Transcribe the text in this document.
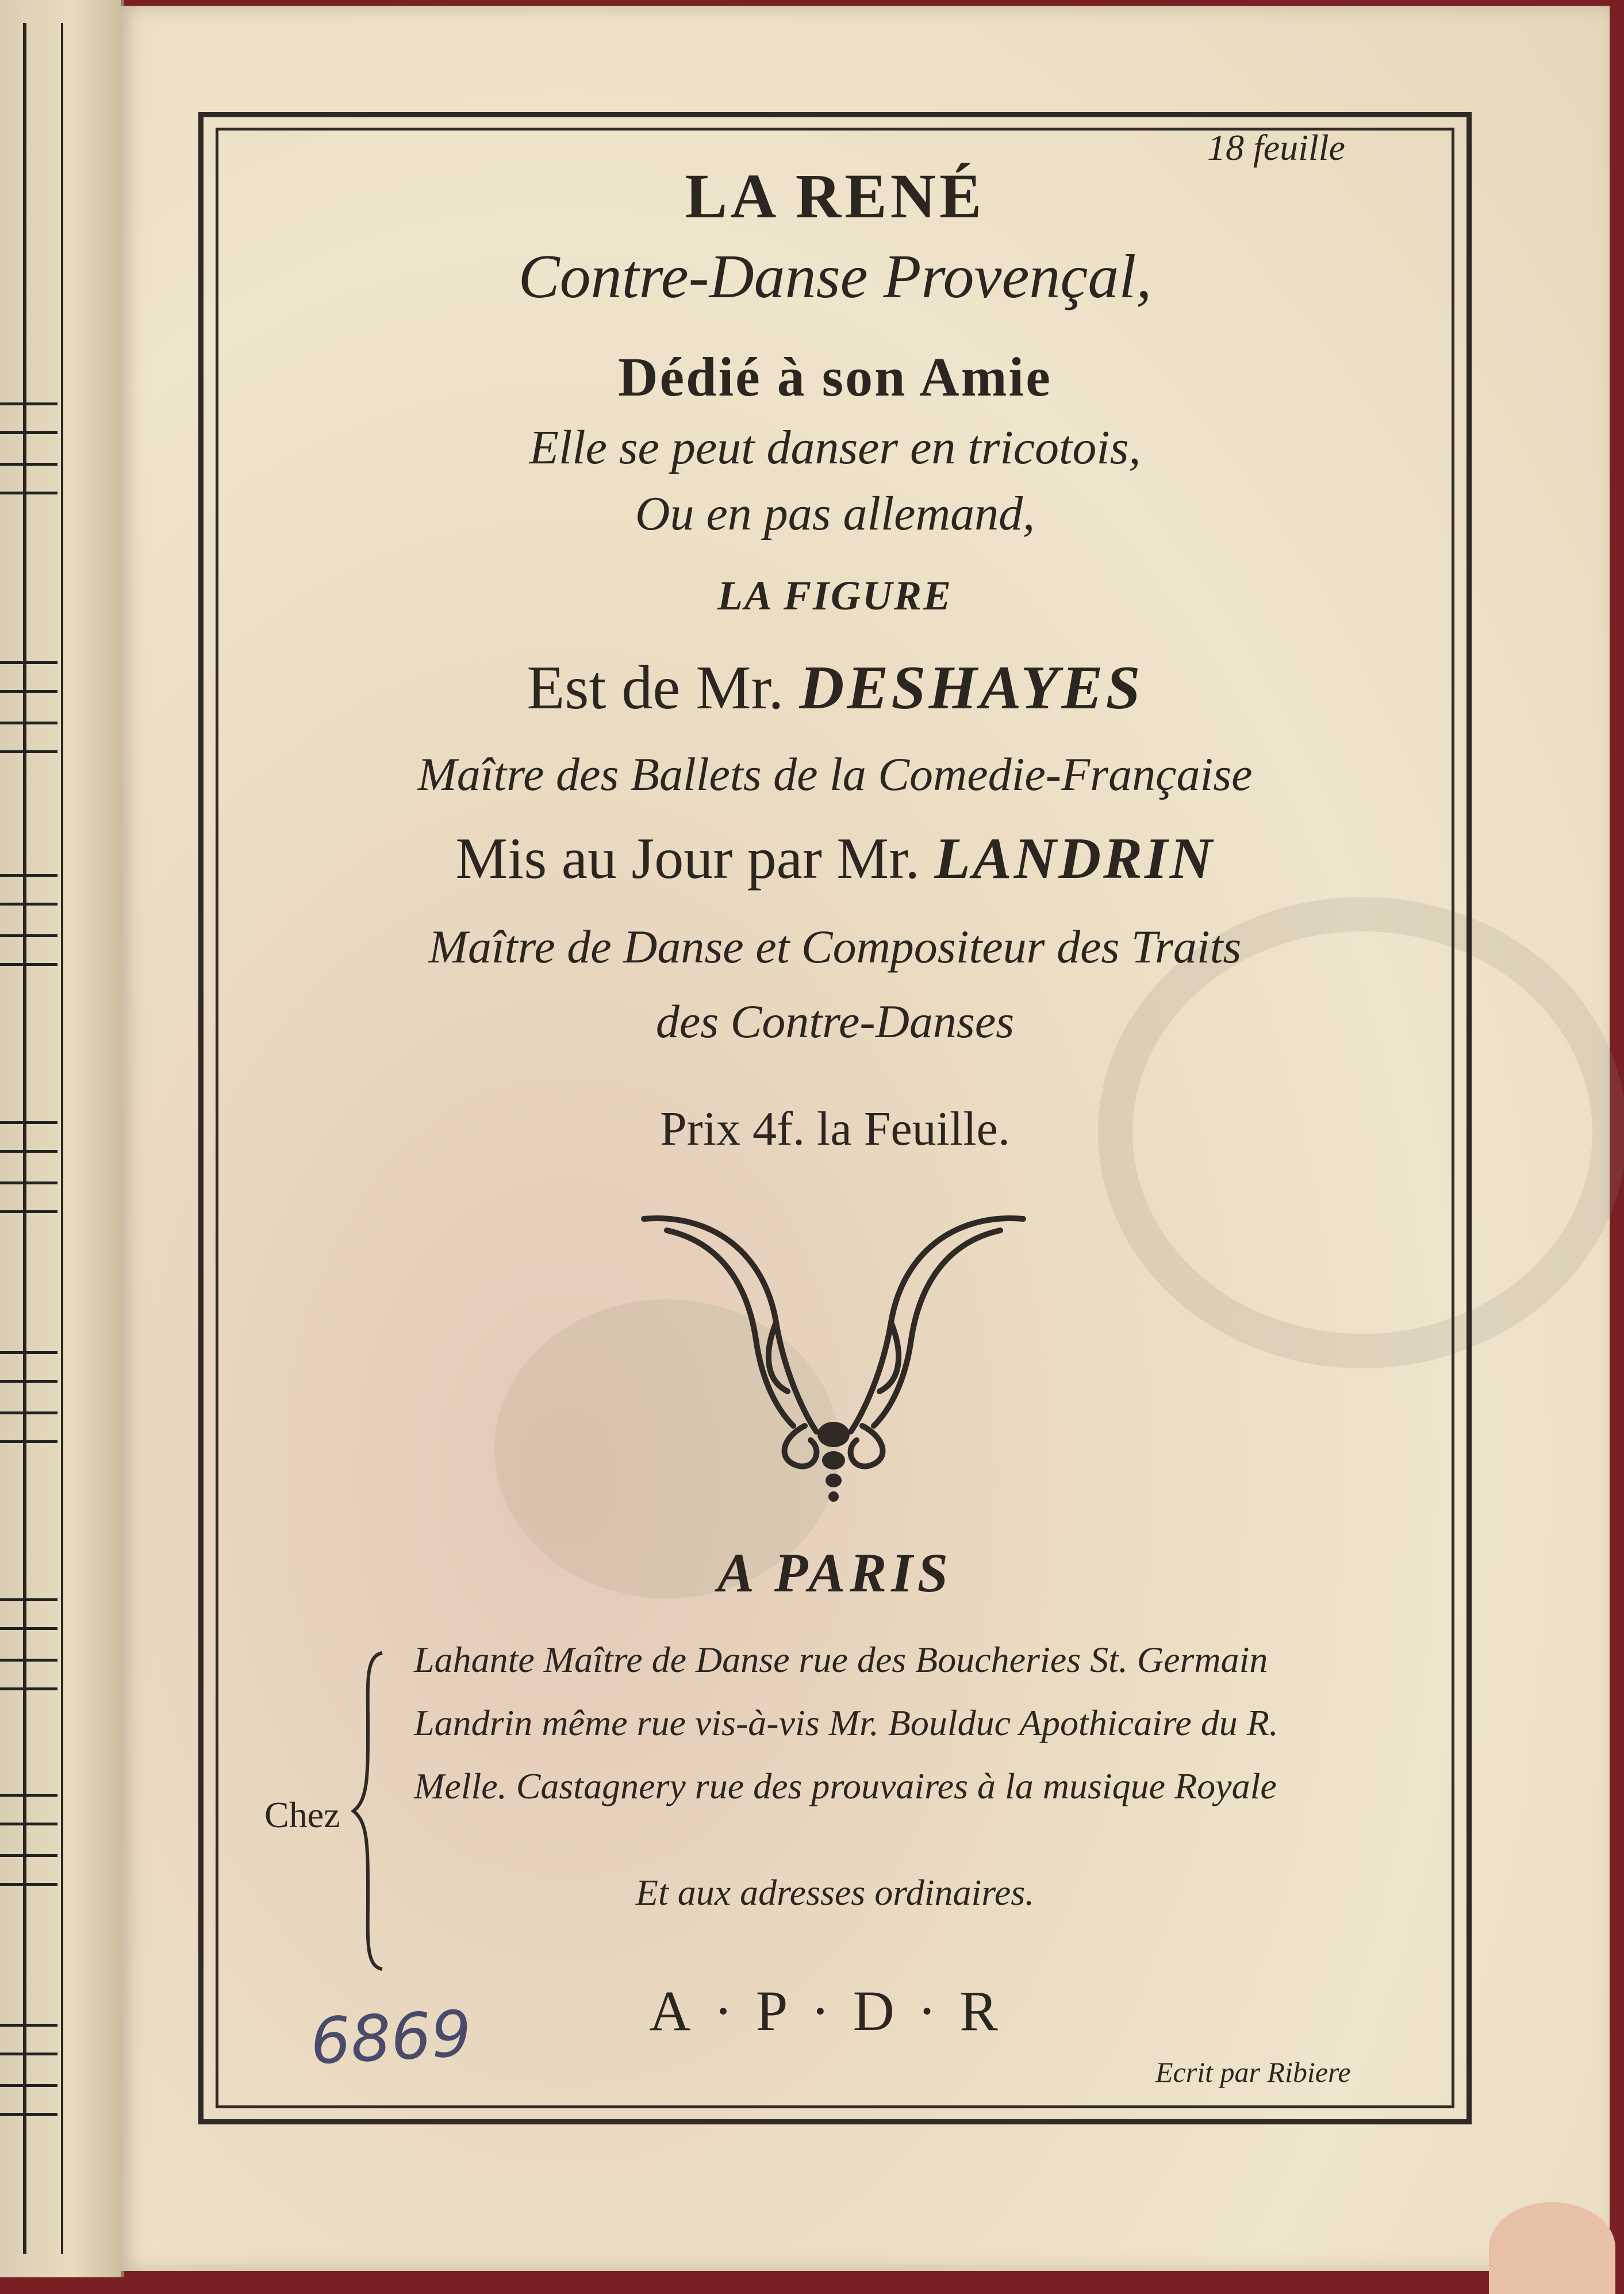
18 feuille
LA RENÉ
Contre-Danse Provençal,
Dédié à son Amie
Elle se peut danser en tricotois,
Ou en pas allemand,
LA FIGURE
Est de Mr. DESHAYES
Maître des Ballets de la Comedie-Française
Mis au Jour par Mr. LANDRIN
Maître de Danse et Compositeur des Traits
des Contre-Danses
Prix 4f. la Feuille.
A PARIS
Chez
Lahante Maître de Danse rue des Boucheries St. Germain
Landrin même rue vis-à-vis Mr. Boulduc Apothicaire du R.
Melle. Castagnery rue des prouvaires à la musique Royale
Et aux adresses ordinaires.
A·P·D·R
Ecrit par Ribiere
6869
